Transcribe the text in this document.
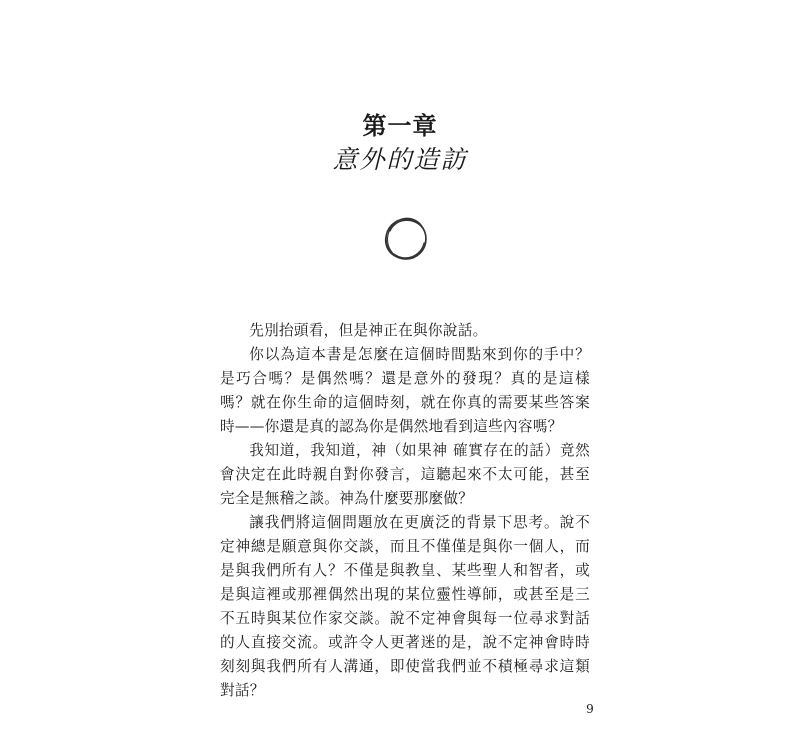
第一章
意外的造訪

先別抬頭看，但是神正在與你說話。

你以為這本書是怎麼在這個時間點來到你的手中？是巧合嗎？是偶然嗎？還是意外的發現？真的是這樣嗎？就在你生命的這個時刻，就在你真的需要某些答案時——你還是真的認為你是偶然地看到這些內容嗎？

我知道，我知道，神（如果神 確實存在的話）竟然會決定在此時親自對你發言，這聽起來不太可能，甚至完全是無稽之談。神為什麼要那麼做？

讓我們將這個問題放在更廣泛的背景下思考。說不定神總是願意與你交談，而且不僅僅是與你一個人，而是與我們所有人？不僅是與教皇、某些聖人和智者，或是與這裡或那裡偶然出現的某位靈性導師，或甚至是三不五時與某位作家交談。說不定神會與每一位尋求對話的人直接交流。或許令人更著迷的是，說不定神會時時刻刻與我們所有人溝通，即使當我們並不積極尋求這類對話？

9
